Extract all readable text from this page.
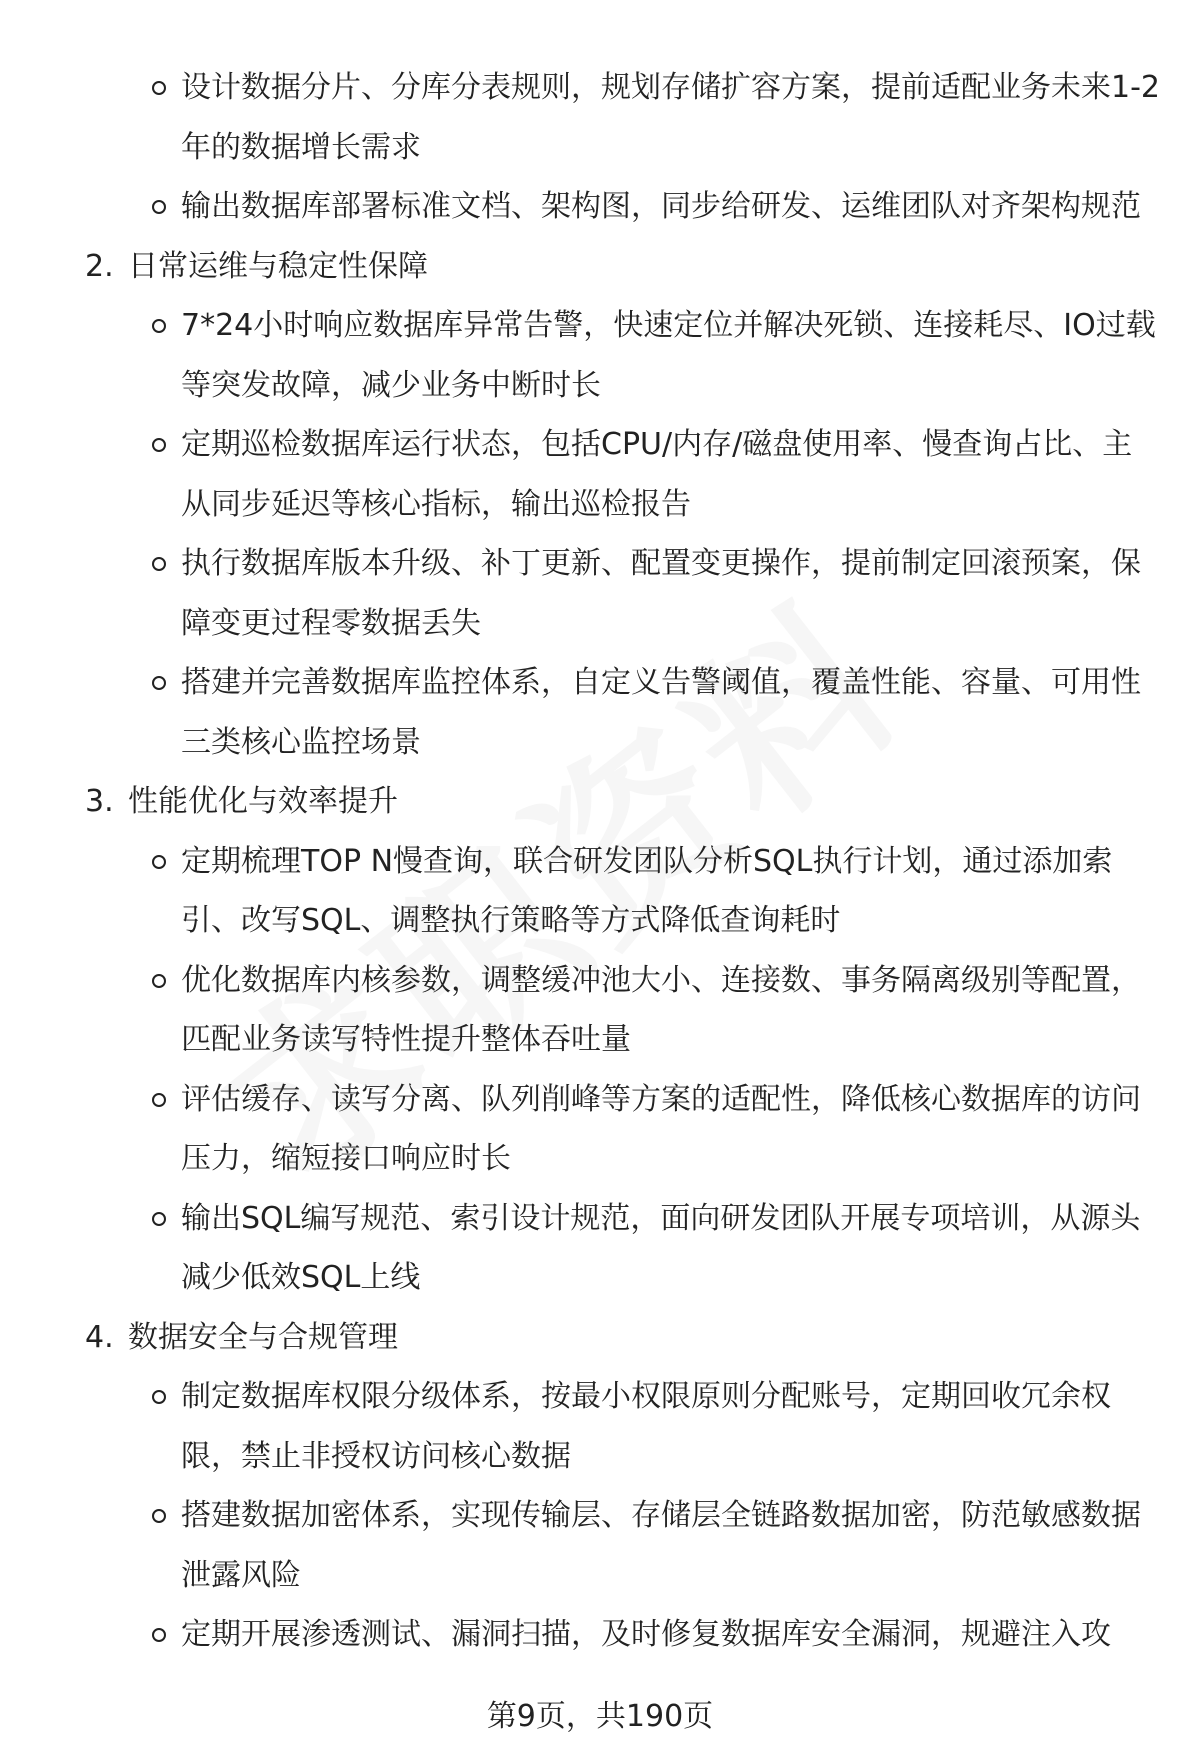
设计数据分片、分库分表规则，规划存储扩容方案，提前适配业务未来1-2
年的数据增长需求
输出数据库部署标准文档、架构图，同步给研发、运维团队对齐架构规范
2. 日常运维与稳定性保障
7*24小时响应数据库异常告警，快速定位并解决死锁、连接耗尽、IO过载
等突发故障，减少业务中断时长
定期巡检数据库运行状态，包括CPU/内存/磁盘使用率、慢查询占比、主
从同步延迟等核心指标，输出巡检报告
执行数据库版本升级、补丁更新、配置变更操作，提前制定回滚预案，保
障变更过程零数据丢失
搭建并完善数据库监控体系，自定义告警阈值，覆盖性能、容量、可用性
三类核心监控场景
3. 性能优化与效率提升
定期梳理TOP N慢查询，联合研发团队分析SQL执行计划，通过添加索
引、改写SQL、调整执行策略等方式降低查询耗时
优化数据库内核参数，调整缓冲池大小、连接数、事务隔离级别等配置，
匹配业务读写特性提升整体吞吐量
评估缓存、读写分离、队列削峰等方案的适配性，降低核心数据库的访问
压力，缩短接口响应时长
输出SQL编写规范、索引设计规范，面向研发团队开展专项培训，从源头
减少低效SQL上线
4. 数据安全与合规管理
制定数据库权限分级体系，按最小权限原则分配账号，定期回收冗余权
限，禁止非授权访问核心数据
搭建数据加密体系，实现传输层、存储层全链路数据加密，防范敏感数据
泄露风险
定期开展渗透测试、漏洞扫描，及时修复数据库安全漏洞，规避注入攻
第9页，共190页
